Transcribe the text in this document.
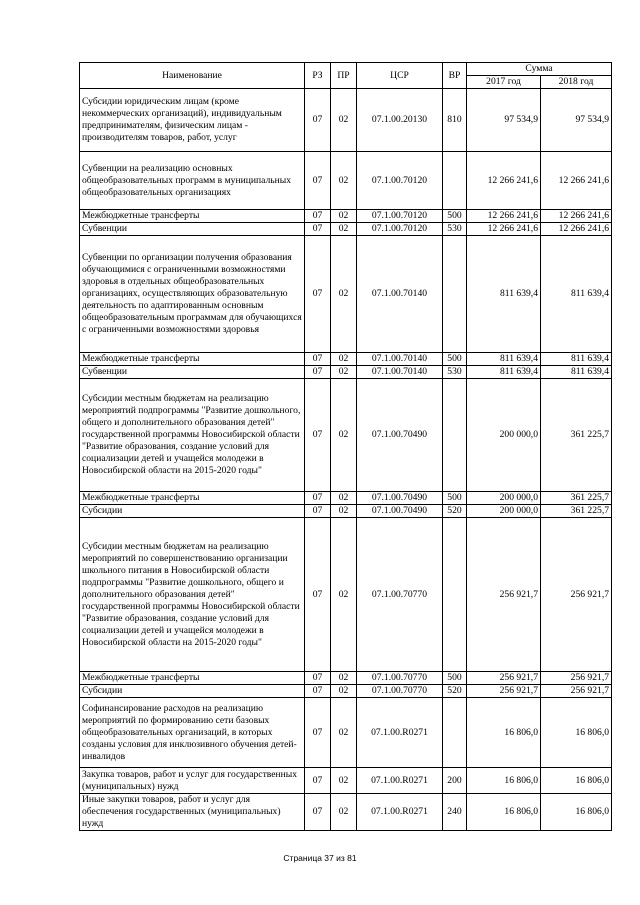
Наименование	РЗ	ПР	ЦСР	ВР	Сумма	
					2017 год	2018 год
Субсидии юридическим лицам (кроме некоммерческих организаций), индивидуальным предпринимателям, физическим лицам - производителям товаров, работ, услуг	07	02	07.1.00.20130	810	97 534,9	97 534,9
Субвенции на реализацию основных общеобразовательных программ в муниципальных общеобразовательных организациях	07	02	07.1.00.70120		12 266 241,6	12 266 241,6
Межбюджетные трансферты	07	02	07.1.00.70120	500	12 266 241,6	12 266 241,6
Субвенции	07	02	07.1.00.70120	530	12 266 241,6	12 266 241,6
Субвенции по организации получения образования обучающимися с ограниченными возможностями здоровья в отдельных общеобразовательных организациях, осуществляющих образовательную деятельность по адаптированным основным общеобразовательным программам для обучающихся с ограниченными возможностями здоровья	07	02	07.1.00.70140		811 639,4	811 639,4
Межбюджетные трансферты	07	02	07.1.00.70140	500	811 639,4	811 639,4
Субвенции	07	02	07.1.00.70140	530	811 639,4	811 639,4
Субсидии местным бюджетам на реализацию мероприятий подпрограммы "Развитие дошкольного, общего и дополнительного образования детей" государственной программы Новосибирской области "Развитие образования, создание условий для социализации детей и учащейся молодежи в Новосибирской области на 2015-2020 годы"	07	02	07.1.00.70490		200 000,0	361 225,7
Межбюджетные трансферты	07	02	07.1.00.70490	500	200 000,0	361 225,7
Субсидии	07	02	07.1.00.70490	520	200 000,0	361 225,7
Субсидии местным бюджетам на реализацию мероприятий по совершенствованию организации школьного питания в Новосибирской области подпрограммы "Развитие дошкольного, общего и дополнительного образования детей" государственной программы Новосибирской области "Развитие образования, создание условий для социализации детей и учащейся молодежи в Новосибирской области на 2015-2020 годы"	07	02	07.1.00.70770		256 921,7	256 921,7
Межбюджетные трансферты	07	02	07.1.00.70770	500	256 921,7	256 921,7
Субсидии	07	02	07.1.00.70770	520	256 921,7	256 921,7
Софинансирование расходов на реализацию мероприятий по формированию сети базовых общеобразовательных организаций, в которых созданы условия для инклюзивного обучения детей-инвалидов	07	02	07.1.00.R0271		16 806,0	16 806,0
Закупка товаров, работ и услуг для государственных (муниципальных) нужд	07	02	07.1.00.R0271	200	16 806,0	16 806,0
Иные закупки товаров, работ и услуг для обеспечения государственных (муниципальных) нужд	07	02	07.1.00.R0271	240	16 806,0	16 806,0
Страница 37 из 81
